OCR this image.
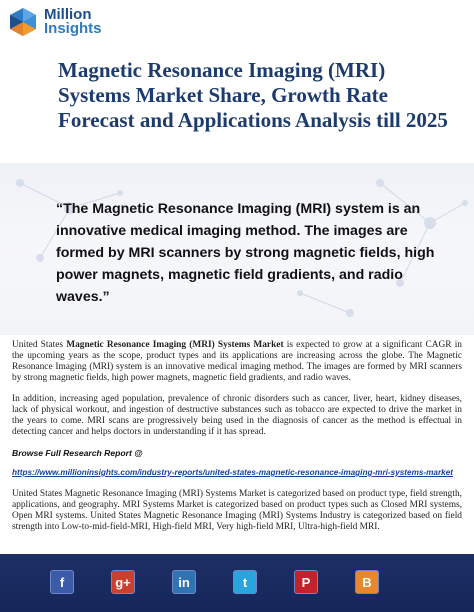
Million
Insights
Magnetic Resonance Imaging (MRI) Systems Market Share, Growth Rate Forecast and Applications Analysis till 2025

“The Magnetic Resonance Imaging (MRI) system is an innovative medical imaging method. The images are formed by MRI scanners by strong magnetic fields, high power magnets, magnetic field gradients, and radio waves.”

United States Magnetic Resonance Imaging (MRI) Systems Market is expected to grow at a significant CAGR in the upcoming years as the scope, product types and its applications are increasing across the globe. The Magnetic Resonance Imaging (MRI) system is an innovative medical imaging method. The images are formed by MRI scanners by strong magnetic fields, high power magnets, magnetic field gradients, and radio waves.

In addition, increasing aged population, prevalence of chronic disorders such as cancer, liver, heart, kidney diseases, lack of physical workout, and ingestion of destructive substances such as tobacco are expected to drive the market in the years to come. MRI scans are progressively being used in the diagnosis of cancer as the method is effectual in detecting cancer and helps doctors in understanding if it has spread.

Browse Full Research Report @
https://www.millioninsights.com/industry-reports/united-states-magnetic-resonance-imaging-mri-systems-market

United States Magnetic Resonance Imaging (MRI) Systems Market is categorized based on product type, field strength, applications, and geography. MRI Systems Market is categorized based on product types such as Closed MRI systems, Open MRI systems. United States Magnetic Resonance Imaging (MRI) Systems Industry is categorized based on field strength into Low-to-mid-field-MRI, High-field MRI, Very high-field MRI, Ultra-high-field MRI.

f	g+	in	t	P	B
